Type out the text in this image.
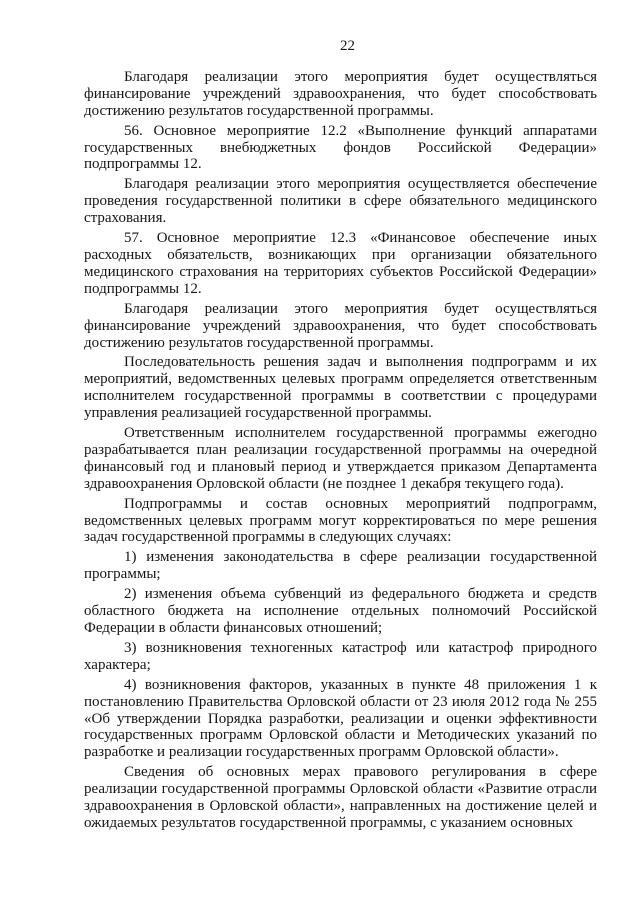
22

Благодаря реализации этого мероприятия будет осуществляться финансирование учреждений здравоохранения, что будет способствовать достижению результатов государственной программы.

56. Основное мероприятие 12.2 «Выполнение функций аппаратами государственных внебюджетных фондов Российской Федерации» подпрограммы 12.

Благодаря реализации этого мероприятия осуществляется обеспечение проведения государственной политики в сфере обязательного медицинского страхования.

57. Основное мероприятие 12.3 «Финансовое обеспечение иных расходных обязательств, возникающих при организации обязательного медицинского страхования на территориях субъектов Российской Федерации» подпрограммы 12.

Благодаря реализации этого мероприятия будет осуществляться финансирование учреждений здравоохранения, что будет способствовать достижению результатов государственной программы.

Последовательность решения задач и выполнения подпрограмм и их мероприятий, ведомственных целевых программ определяется ответственным исполнителем государственной программы в соответствии с процедурами управления реализацией государственной программы.

Ответственным исполнителем государственной программы ежегодно разрабатывается план реализации государственной программы на очередной финансовый год и плановый период и утверждается приказом Департамента здравоохранения Орловской области (не позднее 1 декабря текущего года).

Подпрограммы и состав основных мероприятий подпрограмм, ведомственных целевых программ могут корректироваться по мере решения задач государственной программы в следующих случаях:

1) изменения законодательства в сфере реализации государственной программы;

2) изменения объема субвенций из федерального бюджета и средств областного бюджета на исполнение отдельных полномочий Российской Федерации в области финансовых отношений;

3) возникновения техногенных катастроф или катастроф природного характера;

4) возникновения факторов, указанных в пункте 48 приложения 1 к постановлению Правительства Орловской области от 23 июля 2012 года № 255 «Об утверждении Порядка разработки, реализации и оценки эффективности государственных программ Орловской области и Методических указаний по разработке и реализации государственных программ Орловской области».

Сведения об основных мерах правового регулирования в сфере реализации государственной программы Орловской области «Развитие отрасли здравоохранения в Орловской области», направленных на достижение целей и ожидаемых результатов государственной программы, с указанием основных
